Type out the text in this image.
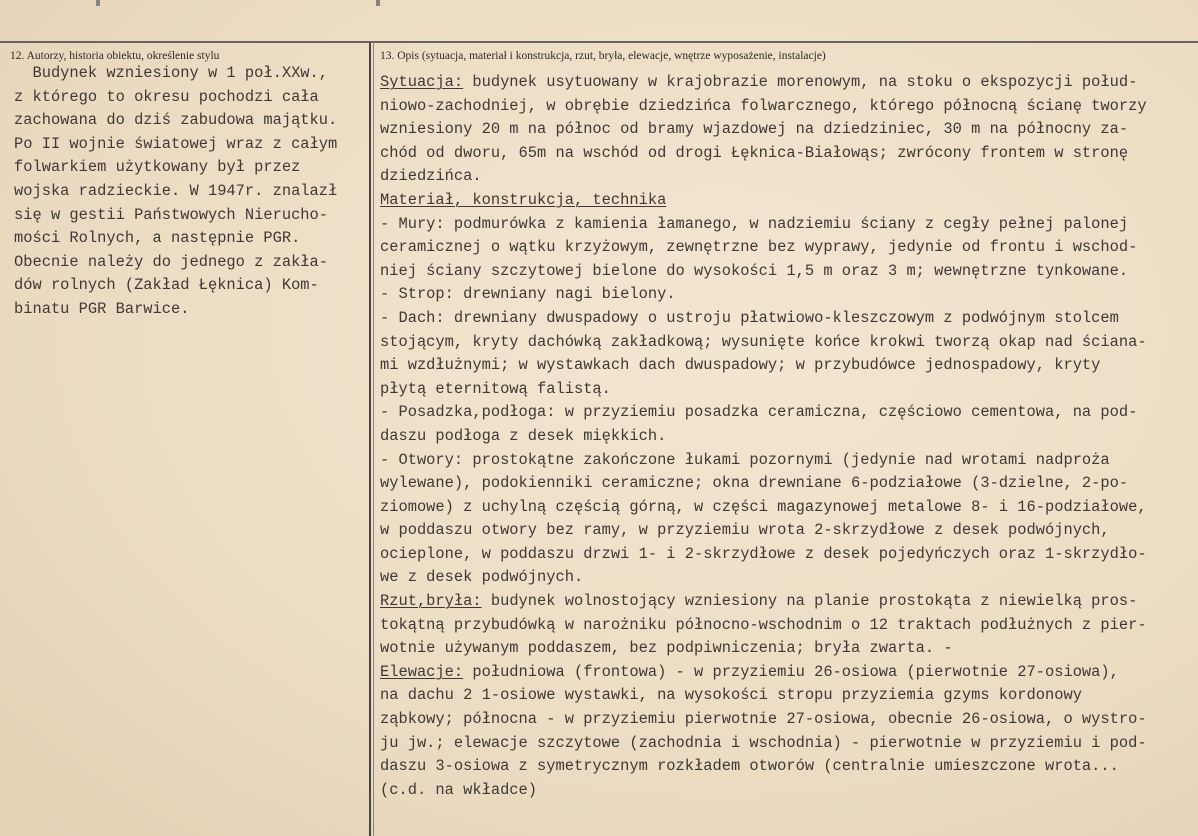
12. Autorzy, historia obiektu, określenie stylu	13. Opis (sytuacja, materiał i konstrukcja, rzut, bryła, elewacje, wnętrze wyposażenie, instalacje)
Budynek wzniesiony w 1 poł.XXw.,
z którego to okresu pochodzi cała
zachowana do dziś zabudowa majątku.
Po II wojnie światowej wraz z całym
folwarkiem użytkowany był przez
wojska radzieckie. W 1947r. znalazł
się w gestii Państwowych Nierucho-
mości Rolnych, a następnie PGR.
Obecnie należy do jednego z zakła-
dów rolnych (Zakład Łęknica) Kom-
binatu PGR Barwice.
Sytuacja: budynek usytuowany w krajobrazie morenowym, na stoku o ekspozycji połud-
niowo-zachodniej, w obrębie dziedzińca folwarcznego, którego północną ścianę tworzy
wzniesiony 20 m na północ od bramy wjazdowej na dziedziniec, 30 m na północny za-
chód od dworu, 65m na wschód od drogi Łęknica-Białowąs; zwrócony frontem w stronę
dziedzińca.
Materiał, konstrukcja, technika
- Mury: podmurówka z kamienia łamanego, w nadziemiu ściany z cegły pełnej palonej
ceramicznej o wątku krzyżowym, zewnętrzne bez wyprawy, jedynie od frontu i wschod-
niej ściany szczytowej bielone do wysokości 1,5 m oraz 3 m; wewnętrzne tynkowane.
- Strop: drewniany nagi bielony.
- Dach: drewniany dwuspadowy o ustroju płatwiowo-kleszczowym z podwójnym stolcem
stojącym, kryty dachówką zakładkową; wysunięte końce krokwi tworzą okap nad ściana-
mi wzdłużnymi; w wystawkach dach dwuspadowy; w przybudówce jednospadowy, kryty
płytą eternitową falistą.
- Posadzka,podłoga: w przyziemiu posadzka ceramiczna, częściowo cementowa, na pod-
daszu podłoga z desek miękkich.
- Otwory: prostokątne zakończone łukami pozornymi (jedynie nad wrotami nadproża
wylewane), podokienniki ceramiczne; okna drewniane 6-podziałowe (3-dzielne, 2-po-
ziomowe) z uchylną częścią górną, w części magazynowej metalowe 8- i 16-podziałowe,
w poddaszu otwory bez ramy, w przyziemiu wrota 2-skrzydłowe z desek podwójnych,
ocieplone, w poddaszu drzwi 1- i 2-skrzydłowe z desek pojedyńczych oraz 1-skrzydło-
we z desek podwójnych.
Rzut,bryła: budynek wolnostojący wzniesiony na planie prostokąta z niewielką pros-
tokątną przybudówką w narożniku północno-wschodnim o 12 traktach podłużnych z pier-
wotnie używanym poddaszem, bez podpiwniczenia; bryła zwarta. -
Elewacje: południowa (frontowa) - w przyziemiu 26-osiowa (pierwotnie 27-osiowa),
na dachu 2 1-osiowe wystawki, na wysokości stropu przyziemia gzyms kordonowy
ząbkowy; północna - w przyziemiu pierwotnie 27-osiowa, obecnie 26-osiowa, o wystro-
ju jw.; elewacje szczytowe (zachodnia i wschodnia) - pierwotnie w przyziemiu i pod-
daszu 3-osiowa z symetrycznym rozkładem otworów (centralnie umieszczone wrota...
(c.d. na wkładce)
